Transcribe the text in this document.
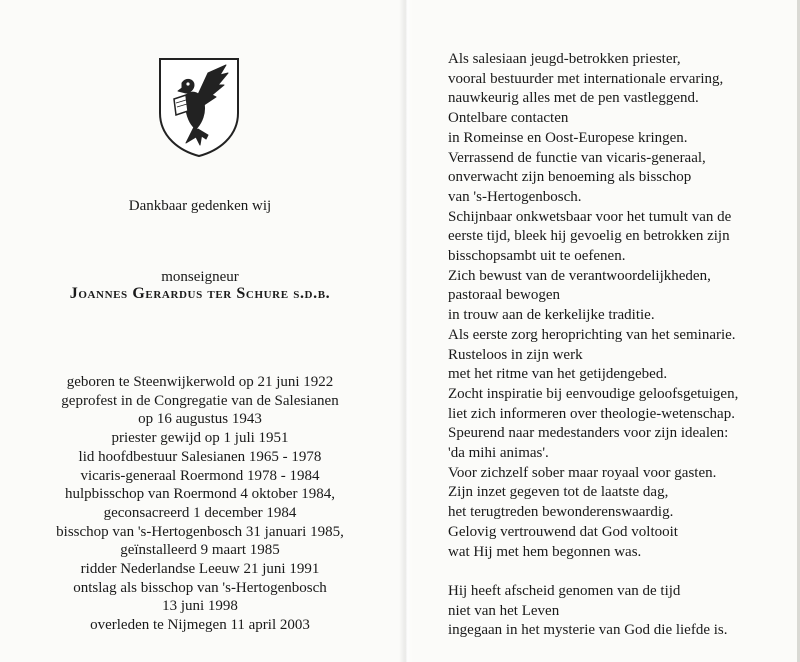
Dankbaar gedenken wij
monseigneur
Joannes Gerardus ter Schure s.d.b.
geboren te Steenwijkerwold op 21 juni 1922
geprofest in de Congregatie van de Salesianen
op 16 augustus 1943
priester gewijd op 1 juli 1951
lid hoofdbestuur Salesianen 1965 - 1978
vicaris-generaal Roermond 1978 - 1984
hulpbisschop van Roermond 4 oktober 1984,
geconsacreerd 1 december 1984
bisschop van 's-Hertogenbosch 31 januari 1985,
geïnstalleerd 9 maart 1985
ridder Nederlandse Leeuw 21 juni 1991
ontslag als bisschop van 's-Hertogenbosch
13 juni 1998
overleden te Nijmegen 11 april 2003
Als salesiaan jeugd-betrokken priester,
vooral bestuurder met internationale ervaring,
nauwkeurig alles met de pen vastleggend.
Ontelbare contacten
in Romeinse en Oost-Europese kringen.
Verrassend de functie van vicaris-generaal,
onverwacht zijn benoeming als bisschop
van 's-Hertogenbosch.
Schijnbaar onkwetsbaar voor het tumult van de
eerste tijd, bleek hij gevoelig en betrokken zijn
bisschopsambt uit te oefenen.
Zich bewust van de verantwoordelijkheden,
pastoraal bewogen
in trouw aan de kerkelijke traditie.
Als eerste zorg heroprichting van het seminarie.
Rusteloos in zijn werk
met het ritme van het getijdengebed.
Zocht inspiratie bij eenvoudige geloofsgetuigen,
liet zich informeren over theologie-wetenschap.
Speurend naar medestanders voor zijn idealen:
'da mihi animas'.
Voor zichzelf sober maar royaal voor gasten.
Zijn inzet gegeven tot de laatste dag,
het terugtreden bewonderenswaardig.
Gelovig vertrouwend dat God voltooit
wat Hij met hem begonnen was.
Hij heeft afscheid genomen van de tijd
niet van het Leven
ingegaan in het mysterie van God die liefde is.
